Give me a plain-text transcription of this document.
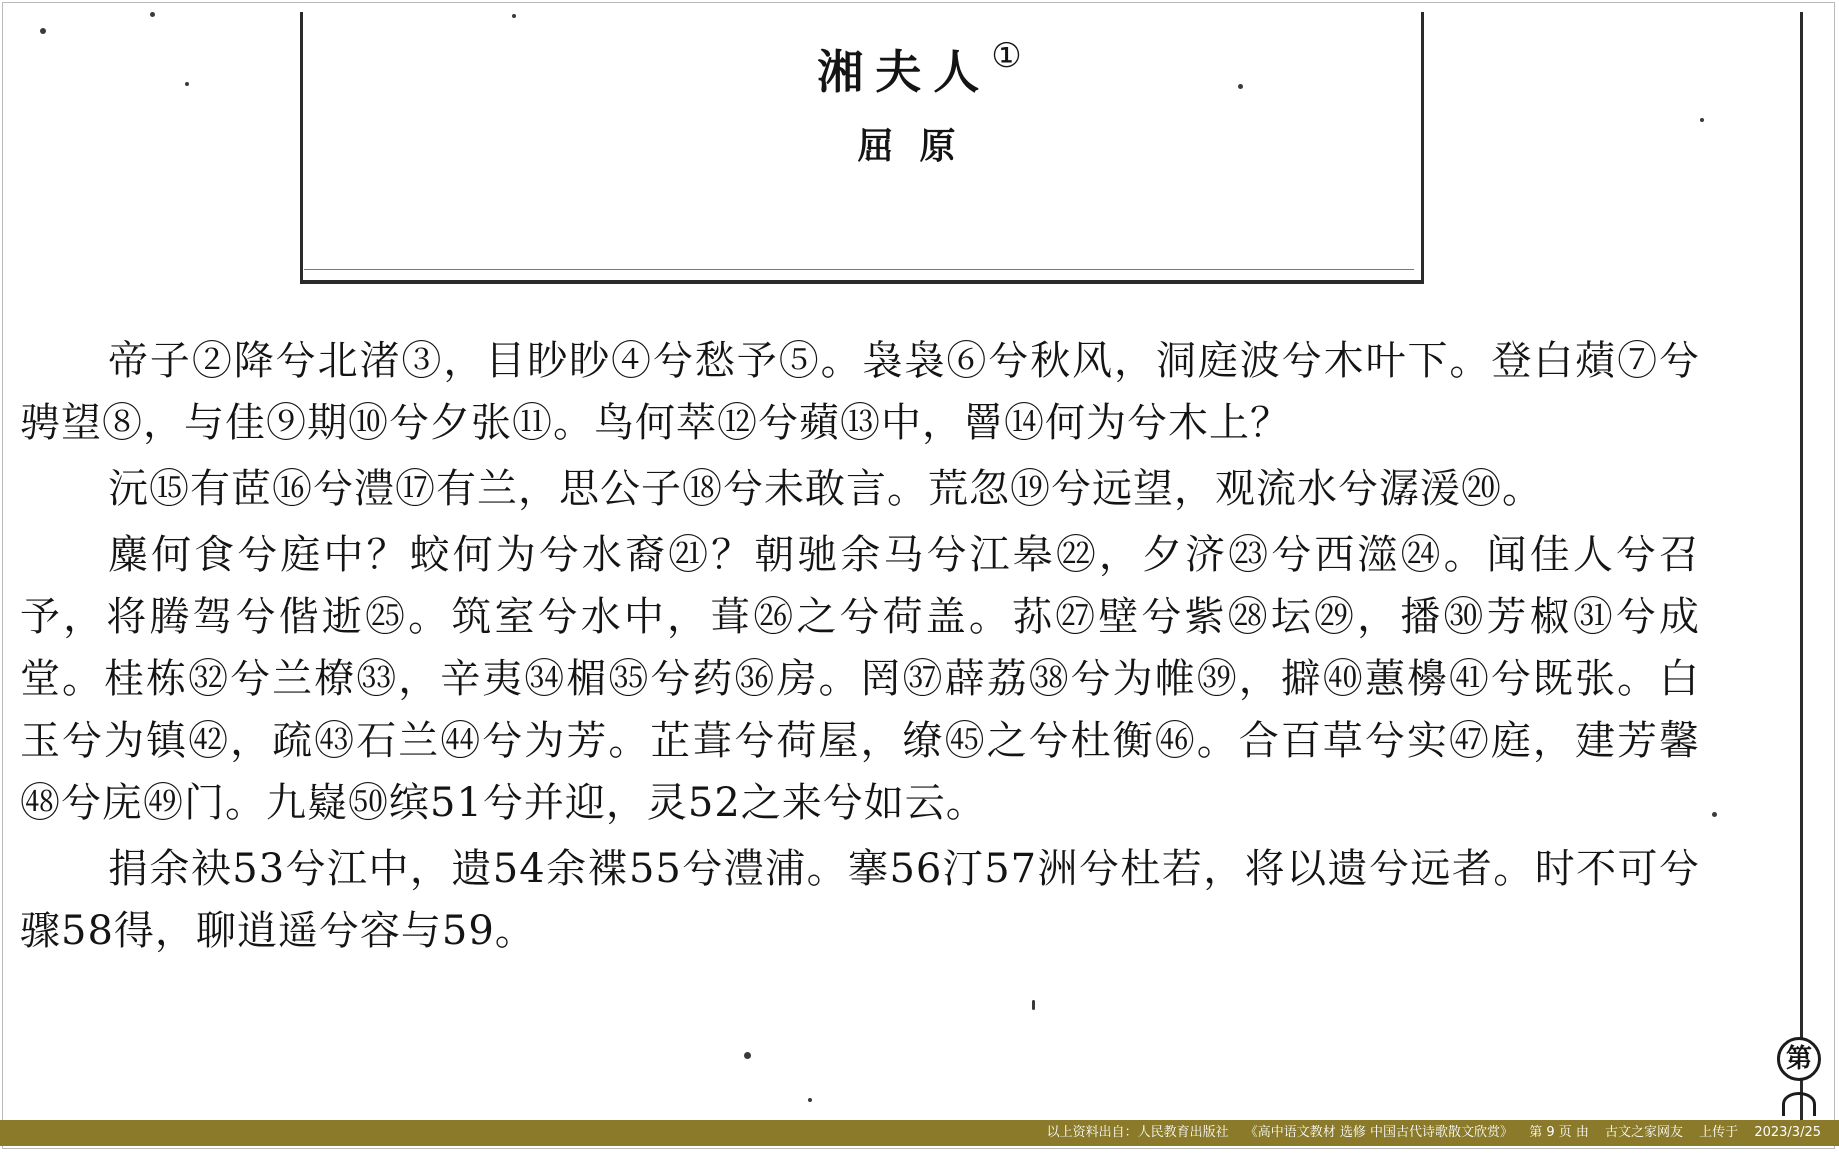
湘夫人①
屈原

帝子②降兮北渚③，目眇眇④兮愁予⑤。袅袅⑥兮秋风，洞庭波兮木叶下。登白薠⑦兮骋望⑧，与佳⑨期⑩兮夕张⑪。鸟何萃⑫兮蘋⑬中，罾⑭何为兮木上？

沅⑮有茝⑯兮澧⑰有兰，思公子⑱兮未敢言。荒忽⑲兮远望，观流水兮潺湲⑳。

麋何食兮庭中？蛟何为兮水裔㉑？朝驰余马兮江皋㉒，夕济㉓兮西澨㉔。闻佳人兮召予，将腾驾兮偕逝㉕。筑室兮水中，葺㉖之兮荷盖。荪㉗壁兮紫㉘坛㉙，播㉚芳椒㉛兮成堂。桂栋㉜兮兰橑㉝，辛夷㉞楣㉟兮药㊱房。罔㊲薜荔㊳兮为帷㊴，擗㊵蕙櫋㊶兮既张。白玉兮为镇㊷，疏㊸石兰㊹兮为芳。芷葺兮荷屋，缭㊺之兮杜衡㊻。合百草兮实㊼庭，建芳馨㊽兮庑㊾门。九嶷㊿缤51兮并迎，灵52之来兮如云。

捐余袂53兮江中，遗54余褋55兮澧浦。搴56汀57洲兮杜若，将以遗兮远者。时不可兮骤58得，聊逍遥兮容与59。

第
以上资料出自：人民教育出版社 《高中语文教材 选修 中国古代诗歌散文欣赏》 第 9 页 由 古文之家网友 上传于 2023/3/25
